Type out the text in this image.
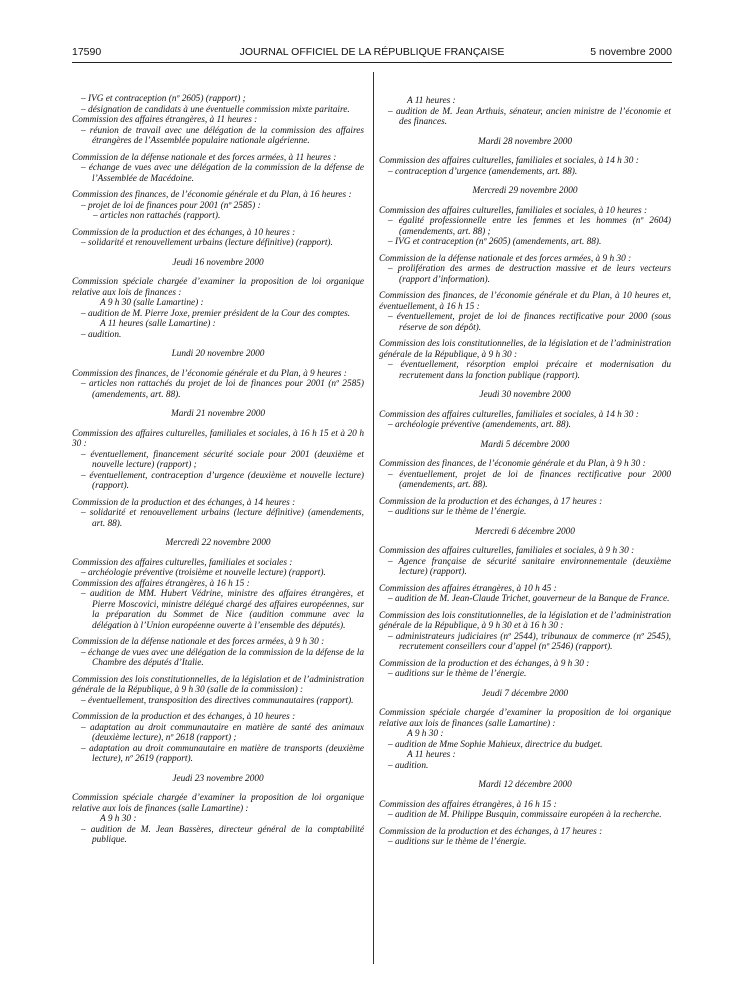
JOURNAL OFFICIEL DE LA RÉPUBLIQUE FRANÇAISE
17590	5 novembre 2000

– IVG et contraception (nº 2605) (rapport) ;

– désignation de candidats à une éventuelle commission mixte paritaire.

Commission des affaires étrangères, à 11 heures :

– réunion de travail avec une délégation de la commission des affaires étrangères de l’Assemblée populaire nationale algérienne.

Commission de la défense nationale et des forces armées, à 11 heures :

– échange de vues avec une délégation de la commission de la défense de l’Assemblée de Macédoine.

Commission des finances, de l’économie générale et du Plan, à 16 heures :

– projet de loi de finances pour 2001 (nº 2585) :

– articles non rattachés (rapport).

Commission de la production et des échanges, à 10 heures :

– solidarité et renouvellement urbains (lecture définitive) (rapport).

Jeudi 16 novembre 2000

Commission spéciale chargée d’examiner la proposition de loi organique relative aux lois de finances :

A 9 h 30 (salle Lamartine) :

– audition de M. Pierre Joxe, premier président de la Cour des comptes.

A 11 heures (salle Lamartine) :

– audition.

Lundi 20 novembre 2000

Commission des finances, de l’économie générale et du Plan, à 9 heures :

– articles non rattachés du projet de loi de finances pour 2001 (nº 2585) (amendements, art. 88).

Mardi 21 novembre 2000

Commission des affaires culturelles, familiales et sociales, à 16 h 15 et à 20 h 30 :

– éventuellement, financement sécurité sociale pour 2001 (deuxième et nouvelle lecture) (rapport) ;

– éventuellement, contraception d’urgence (deuxième et nouvelle lecture) (rapport).

Commission de la production et des échanges, à 14 heures :

– solidarité et renouvellement urbains (lecture définitive) (amendements, art. 88).

Mercredi 22 novembre 2000

Commission des affaires culturelles, familiales et sociales :

– archéologie préventive (troisième et nouvelle lecture) (rapport).

Commission des affaires étrangères, à 16 h 15 :

– audition de MM. Hubert Védrine, ministre des affaires étrangères, et Pierre Moscovici, ministre délégué chargé des affaires européennes, sur la préparation du Sommet de Nice (audition commune avec la délégation à l’Union européenne ouverte à l’ensemble des députés).

Commission de la défense nationale et des forces armées, à 9 h 30 :

– échange de vues avec une délégation de la commission de la défense de la Chambre des députés d’Italie.

Commission des lois constitutionnelles, de la législation et de l’administration générale de la République, à 9 h 30 (salle de la commission) :

– éventuellement, transposition des directives communautaires (rapport).

Commission de la production et des échanges, à 10 heures :

– adaptation au droit communautaire en matière de santé des animaux (deuxième lecture), nº 2618 (rapport) ;

– adaptation au droit communautaire en matière de transports (deuxième lecture), nº 2619 (rapport).

Jeudi 23 novembre 2000

Commission spéciale chargée d’examiner la proposition de loi organique relative aux lois de finances (salle Lamartine) :

A 9 h 30 :

– audition de M. Jean Bassères, directeur général de la comptabilité publique.

A 11 heures :

– audition de M. Jean Arthuis, sénateur, ancien ministre de l’économie et des finances.

Mardi 28 novembre 2000

Commission des affaires culturelles, familiales et sociales, à 14 h 30 :

– contraception d’urgence (amendements, art. 88).

Mercredi 29 novembre 2000

Commission des affaires culturelles, familiales et sociales, à 10 heures :

– égalité professionnelle entre les femmes et les hommes (nº 2604) (amendements, art. 88) ;

– IVG et contraception (nº 2605) (amendements, art. 88).

Commission de la défense nationale et des forces armées, à 9 h 30 :

– prolifération des armes de destruction massive et de leurs vecteurs (rapport d’information).

Commission des finances, de l’économie générale et du Plan, à 10 heures et, éventuellement, à 16 h 15 :

– éventuellement, projet de loi de finances rectificative pour 2000 (sous réserve de son dépôt).

Commission des lois constitutionnelles, de la législation et de l’administration générale de la République, à 9 h 30 :

– éventuellement, résorption emploi précaire et modernisation du recrutement dans la fonction publique (rapport).

Jeudi 30 novembre 2000

Commission des affaires culturelles, familiales et sociales, à 14 h 30 :

– archéologie préventive (amendements, art. 88).

Mardi 5 décembre 2000

Commission des finances, de l’économie générale et du Plan, à 9 h 30 :

– éventuellement, projet de loi de finances rectificative pour 2000 (amendements, art. 88).

Commission de la production et des échanges, à 17 heures :

– auditions sur le thème de l’énergie.

Mercredi 6 décembre 2000

Commission des affaires culturelles, familiales et sociales, à 9 h 30 :

– Agence française de sécurité sanitaire environnementale (deuxième lecture) (rapport).

Commission des affaires étrangères, à 10 h 45 :

– audition de M. Jean-Claude Trichet, gouverneur de la Banque de France.

Commission des lois constitutionnelles, de la législation et de l’administration générale de la République, à 9 h 30 et à 16 h 30 :

– administrateurs judiciaires (nº 2544), tribunaux de commerce (nº 2545), recrutement conseillers cour d’appel (nº 2546) (rapport).

Commission de la production et des échanges, à 9 h 30 :

– auditions sur le thème de l’énergie.

Jeudi 7 décembre 2000

Commission spéciale chargée d’examiner la proposition de loi organique relative aux lois de finances (salle Lamartine) :

A 9 h 30 :

– audition de Mme Sophie Mahieux, directrice du budget.

A 11 heures :

– audition.

Mardi 12 décembre 2000

Commission des affaires étrangères, à 16 h 15 :

– audition de M. Philippe Busquin, commissaire européen à la recherche.

Commission de la production et des échanges, à 17 heures :

– auditions sur le thème de l’énergie.
